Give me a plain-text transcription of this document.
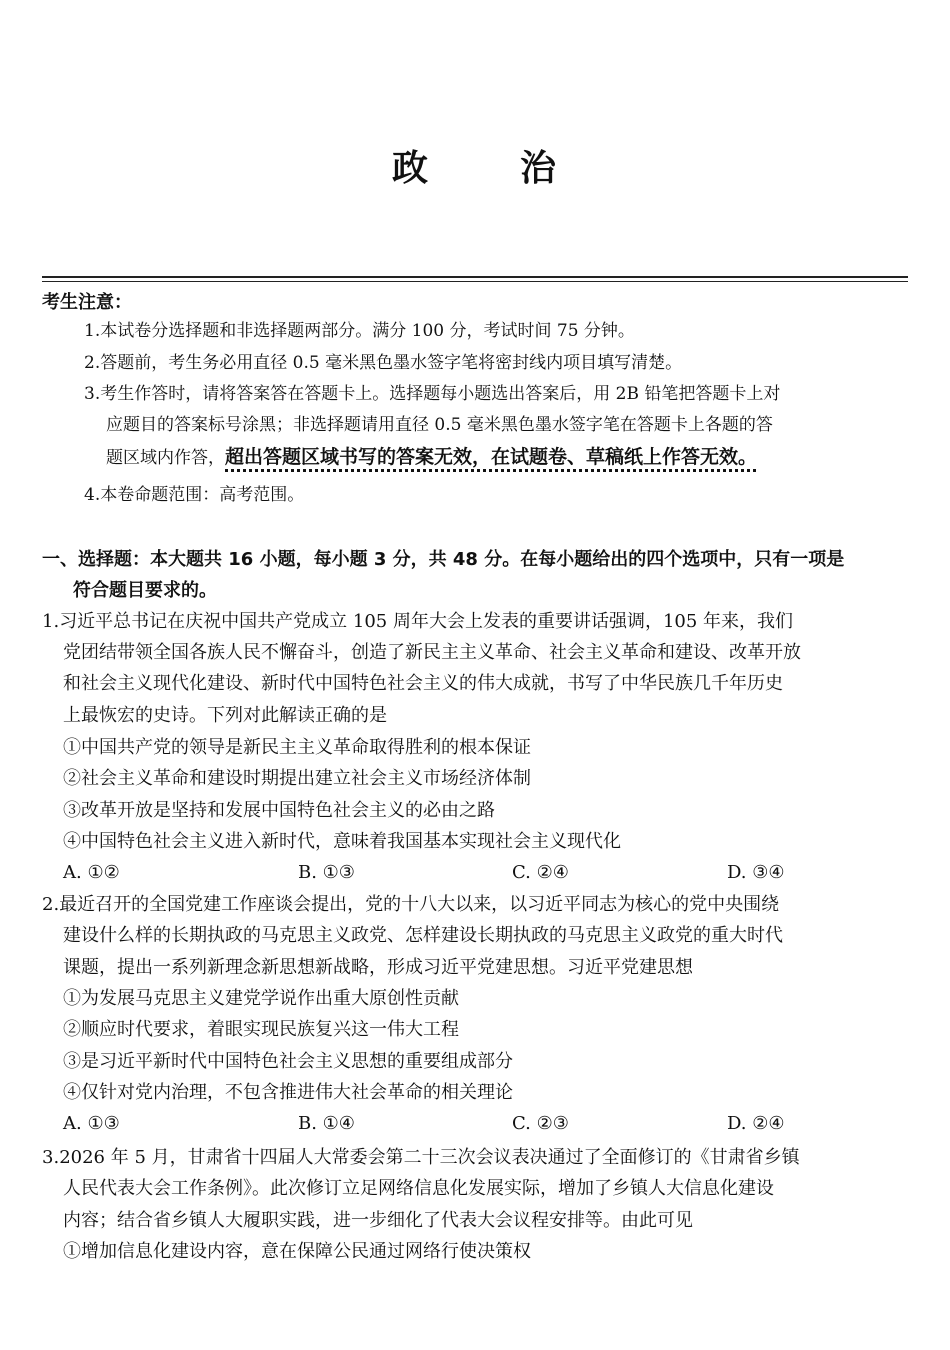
政	治
考生注意：
1.本试卷分选择题和非选择题两部分。满分 100 分，考试时间 75 分钟。
2.答题前，考生务必用直径 0.5 毫米黑色墨水签字笔将密封线内项目填写清楚。
3.考生作答时，请将答案答在答题卡上。选择题每小题选出答案后，用 2B 铅笔把答题卡上对
应题目的答案标号涂黑；非选择题请用直径 0.5 毫米黑色墨水签字笔在答题卡上各题的答
题区域内作答，超出答题区域书写的答案无效，在试题卷、草稿纸上作答无效。
4.本卷命题范围：高考范围。
一、选择题：本大题共 16 小题，每小题 3 分，共 48 分。在每小题给出的四个选项中，只有一项是
符合题目要求的。
1.习近平总书记在庆祝中国共产党成立 105 周年大会上发表的重要讲话强调，105 年来，我们
党团结带领全国各族人民不懈奋斗，创造了新民主主义革命、社会主义革命和建设、改革开放
和社会主义现代化建设、新时代中国特色社会主义的伟大成就，书写了中华民族几千年历史
上最恢宏的史诗。下列对此解读正确的是
①中国共产党的领导是新民主主义革命取得胜利的根本保证
②社会主义革命和建设时期提出建立社会主义市场经济体制
③改革开放是坚持和发展中国特色社会主义的必由之路
④中国特色社会主义进入新时代，意味着我国基本实现社会主义现代化
A. ①②	B. ①③	C. ②④	D. ③④
2.最近召开的全国党建工作座谈会提出，党的十八大以来，以习近平同志为核心的党中央围绕
建设什么样的长期执政的马克思主义政党、怎样建设长期执政的马克思主义政党的重大时代
课题，提出一系列新理念新思想新战略，形成习近平党建思想。习近平党建思想
①为发展马克思主义建党学说作出重大原创性贡献
②顺应时代要求，着眼实现民族复兴这一伟大工程
③是习近平新时代中国特色社会主义思想的重要组成部分
④仅针对党内治理，不包含推进伟大社会革命的相关理论
A. ①③	B. ①④	C. ②③	D. ②④
3.2026 年 5 月，甘肃省十四届人大常委会第二十三次会议表决通过了全面修订的《甘肃省乡镇
人民代表大会工作条例》。此次修订立足网络信息化发展实际，增加了乡镇人大信息化建设
内容；结合省乡镇人大履职实践，进一步细化了代表大会议程安排等。由此可见
①增加信息化建设内容，意在保障公民通过网络行使决策权
